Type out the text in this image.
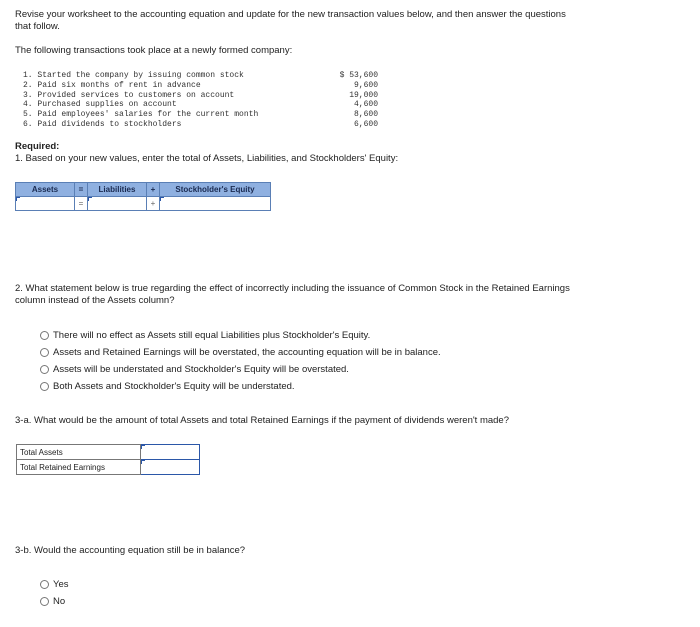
Revise your worksheet to the accounting equation and update for the new transaction values below, and then answer the questions
that follow.
The following transactions took place at a newly formed company:
1. Started the company by issuing common stock	$ 53,600
2. Paid six months of rent in advance	9,600
3. Provided services to customers on account	19,000
4. Purchased supplies on account	4,600
5. Paid employees' salaries for the current month	8,600
6. Paid dividends to stockholders	6,600
Required:
1. Based on your new values, enter the total of Assets, Liabilities, and Stockholders' Equity:
Assets	=	Liabilities	+	Stockholder's Equity

	=		+	
2. What statement below is true regarding the effect of incorrectly including the issuance of Common Stock in the Retained Earnings
column instead of the Assets column?
There will no effect as Assets still equal Liabilities plus Stockholder's Equity.
Assets and Retained Earnings will be overstated, the accounting equation will be in balance.
Assets will be understated and Stockholder's Equity will be overstated.
Both Assets and Stockholder's Equity will be understated.
3-a. What would be the amount of total Assets and total Retained Earnings if the payment of dividends weren't made?
Total Assets	

Total Retained Earnings	
3-b. Would the accounting equation still be in balance?
Yes
No
